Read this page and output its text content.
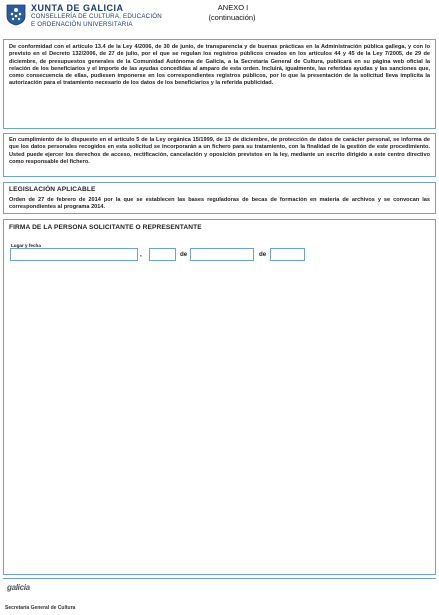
XUNTA DE GALICIA
CONSELLERÍA DE CULTURA, EDUCACIÓN
E ORDENACIÓN UNIVERSITARIA
ANEXO I
(continuación)
De conformidad con el artículo 13.4 de la Ley 4/2006, de 30 de junio, de transparencia y de buenas prácticas en la Administración pública gallega, y con lo previsto en el Decreto 132/2006, de 27 de julio, por el que se regulan los registros públicos creados en los artículos 44 y 45 de la Ley 7/2005, de 29 de diciembre, de presupuestos generales de la Comunidad Autónoma de Galicia, a la Secretaría General de Cultura, publicará en su página web oficial la relación de los beneficiarios y el importe de las ayudas concedidas al amparo de esta orden. Incluirá, igualmente, las referidas ayudas y las sanciones que, como consecuencia de ellas, pudiesen imponerse en los correspondientes registros públicos, por lo que la presentación de la solicitud lleva implícita la autorización para el tratamiento necesario de los datos de los beneficiarios y la referida publicidad.
En cumplimiento de lo dispuesto en el artículo 5 de la Ley orgánica 15/1999, de 13 de diciembre, de protección de datos de carácter personal, se informa de que los datos personales recogidos en esta solicitud se incorporarán a un fichero para su tratamiento, con la finalidad de la gestión de este procedimiento. Usted puede ejercer los derechos de acceso, rectificación, cancelación y oposición previstos en la ley, mediante un escrito dirigido a este centro directivo como responsable del fichero.
LEGISLACIÓN APLICABLE
Orden de 27 de febrero de 2014 por la que se establecen las bases reguladoras de becas de formación en materia de archivos y se convocan las correspondientes al programa 2014.
FIRMA DE LA PERSONA SOLICITANTE O REPRESENTANTE
Lugar y fecha
,	de	de
galicia
Secretaría General de Cultura
